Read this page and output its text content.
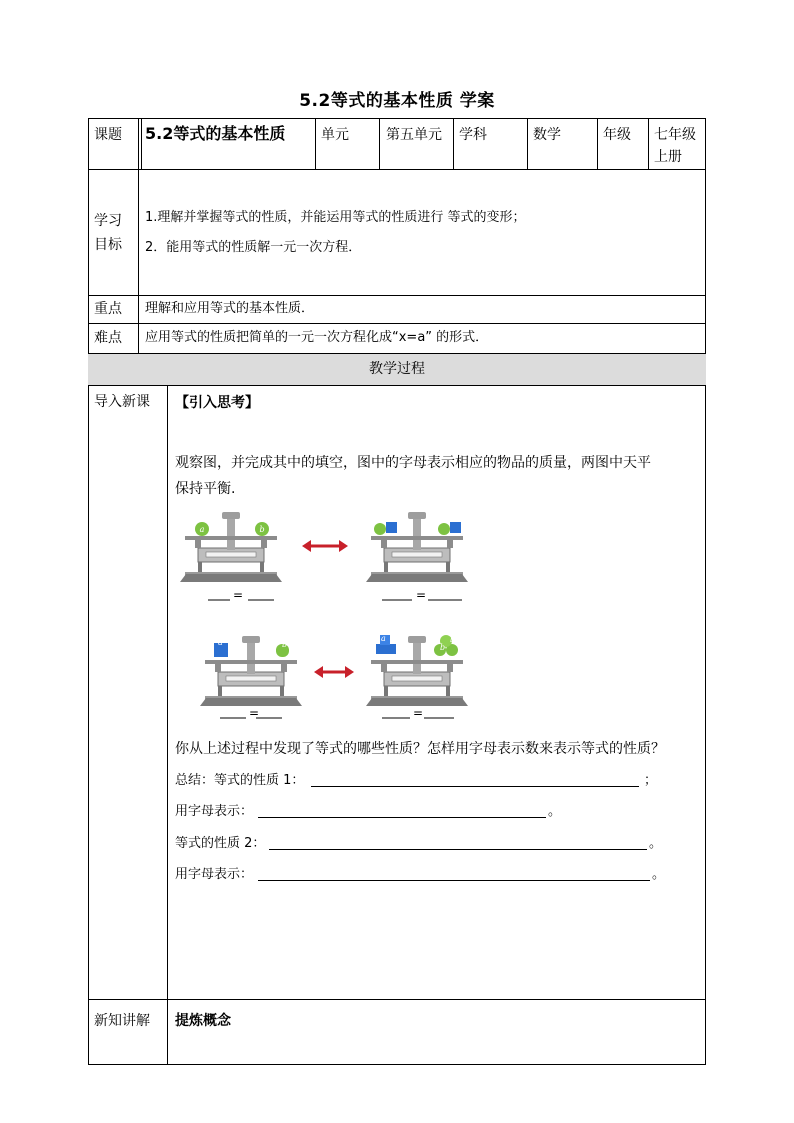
5.2等式的基本性质 学案
课题 5.2等式的基本性质	单元	第五单元 学科	数学	年级 七年级
上册
学习
目标
1.理解并掌握等式的性质，并能运用等式的性质进行 等式的变形；
2．能用等式的性质解一元一次方程．
重点 理解和应用等式的基本性质．
难点 应用等式的性质把简单的一元一次方程化成“x=a” 的形式．
教学过程
导入新课 【引入思考】
观察图，并完成其中的填空，图中的字母表示相应的物品的质量，两图中天平
保持平衡.
a	b
=	=
=	=
a
a c	b c
a	b
a
b
b
b
你从上述过程中发现了等式的哪些性质？怎样用字母表示数来表示等式的性质？
总结：等式的性质 1：	；
用字母表示：	。
等式的性质 2：	。
用字母表示：	。
新知讲解 提炼概念
